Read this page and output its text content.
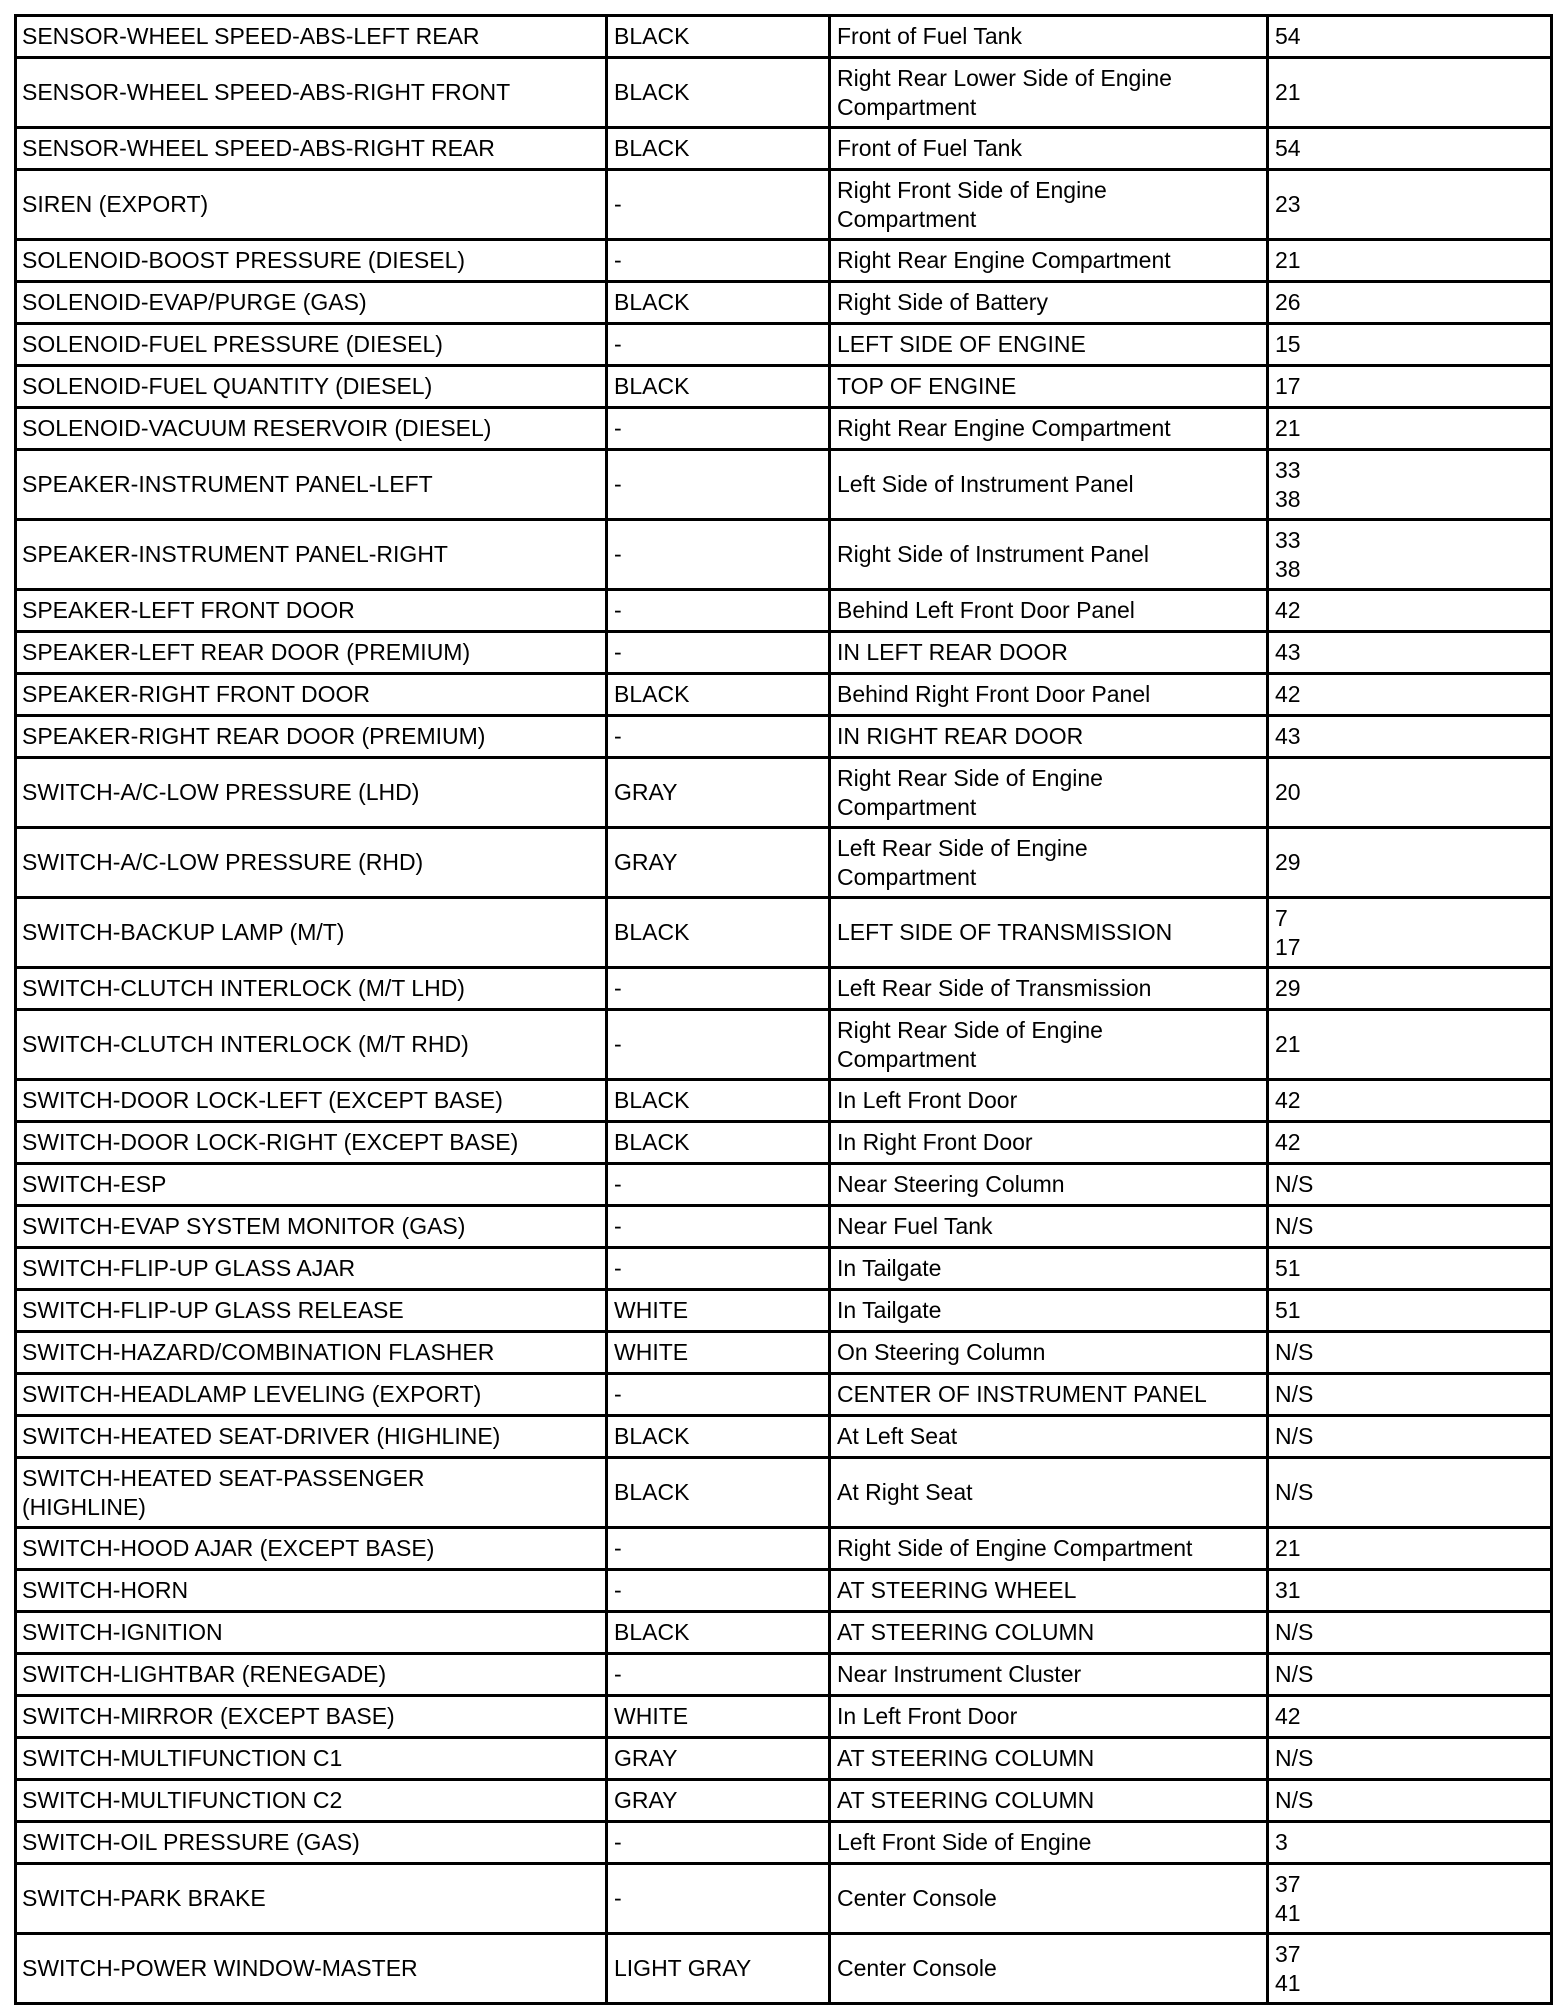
SENSOR-WHEEL SPEED-ABS-LEFT REAR	BLACK	Front of Fuel Tank	54
SENSOR-WHEEL SPEED-ABS-RIGHT FRONT	BLACK	Right Rear Lower Side of Engine
Compartment	21
SENSOR-WHEEL SPEED-ABS-RIGHT REAR	BLACK	Front of Fuel Tank	54
SIREN (EXPORT)	-	Right Front Side of Engine
Compartment	23
SOLENOID-BOOST PRESSURE (DIESEL)	-	Right Rear Engine Compartment	21
SOLENOID-EVAP/PURGE (GAS)	BLACK	Right Side of Battery	26
SOLENOID-FUEL PRESSURE (DIESEL)	-	LEFT SIDE OF ENGINE	15
SOLENOID-FUEL QUANTITY (DIESEL)	BLACK	TOP OF ENGINE	17
SOLENOID-VACUUM RESERVOIR (DIESEL)	-	Right Rear Engine Compartment	21
SPEAKER-INSTRUMENT PANEL-LEFT	-	Left Side of Instrument Panel	33
38
SPEAKER-INSTRUMENT PANEL-RIGHT	-	Right Side of Instrument Panel	33
38
SPEAKER-LEFT FRONT DOOR	-	Behind Left Front Door Panel	42
SPEAKER-LEFT REAR DOOR (PREMIUM)	-	IN LEFT REAR DOOR	43
SPEAKER-RIGHT FRONT DOOR	BLACK	Behind Right Front Door Panel	42
SPEAKER-RIGHT REAR DOOR (PREMIUM)	-	IN RIGHT REAR DOOR	43
SWITCH-A/C-LOW PRESSURE (LHD)	GRAY	Right Rear Side of Engine
Compartment	20
SWITCH-A/C-LOW PRESSURE (RHD)	GRAY	Left Rear Side of Engine
Compartment	29
SWITCH-BACKUP LAMP (M/T)	BLACK	LEFT SIDE OF TRANSMISSION	7
17
SWITCH-CLUTCH INTERLOCK (M/T LHD)	-	Left Rear Side of Transmission	29
SWITCH-CLUTCH INTERLOCK (M/T RHD)	-	Right Rear Side of Engine
Compartment	21
SWITCH-DOOR LOCK-LEFT (EXCEPT BASE)	BLACK	In Left Front Door	42
SWITCH-DOOR LOCK-RIGHT (EXCEPT BASE)	BLACK	In Right Front Door	42
SWITCH-ESP	-	Near Steering Column	N/S
SWITCH-EVAP SYSTEM MONITOR (GAS)	-	Near Fuel Tank	N/S
SWITCH-FLIP-UP GLASS AJAR	-	In Tailgate	51
SWITCH-FLIP-UP GLASS RELEASE	WHITE	In Tailgate	51
SWITCH-HAZARD/COMBINATION FLASHER	WHITE	On Steering Column	N/S
SWITCH-HEADLAMP LEVELING (EXPORT)	-	CENTER OF INSTRUMENT PANEL	N/S
SWITCH-HEATED SEAT-DRIVER (HIGHLINE)	BLACK	At Left Seat	N/S
SWITCH-HEATED SEAT-PASSENGER
(HIGHLINE)	BLACK	At Right Seat	N/S
SWITCH-HOOD AJAR (EXCEPT BASE)	-	Right Side of Engine Compartment	21
SWITCH-HORN	-	AT STEERING WHEEL	31
SWITCH-IGNITION	BLACK	AT STEERING COLUMN	N/S
SWITCH-LIGHTBAR (RENEGADE)	-	Near Instrument Cluster	N/S
SWITCH-MIRROR (EXCEPT BASE)	WHITE	In Left Front Door	42
SWITCH-MULTIFUNCTION C1	GRAY	AT STEERING COLUMN	N/S
SWITCH-MULTIFUNCTION C2	GRAY	AT STEERING COLUMN	N/S
SWITCH-OIL PRESSURE (GAS)	-	Left Front Side of Engine	3
SWITCH-PARK BRAKE	-	Center Console	37
41
SWITCH-POWER WINDOW-MASTER	LIGHT GRAY	Center Console	37
41
